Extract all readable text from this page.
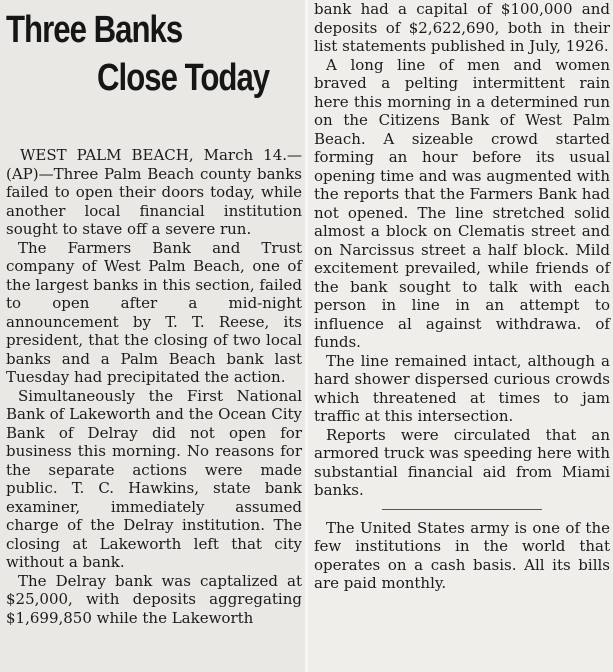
Three Banks
Close Today

WEST PALM BEACH, March 14.—(AP)—Three Palm Beach county banks failed to open their doors today, while another local financial institution sought to stave off a severe run.

The Farmers Bank and Trust company of West Palm Beach, one of the largest banks in this section, failed to open after a mid-night announcement by T. T. Reese, its president, that the closing of two local banks and a Palm Beach bank last Tuesday had precipitated the action.

Simultaneously the First National Bank of Lakeworth and the Ocean City Bank of Delray did not open for business this morning. No reasons for the separate actions were made public. T. C. Hawkins, state bank examiner, immediately assumed charge of the Delray institution. The closing at Lakeworth left that city without a bank.

The Delray bank was captalized at $25,000, with deposits aggregating $1,699,850 while the Lakeworth

bank had a capital of $100,000 and deposits of $2,622,690, both in their list statements published in July, 1926.

A long line of men and women braved a pelting intermittent rain here this morning in a determined run on the Citizens Bank of West Palm Beach. A sizeable crowd started forming an hour before its usual opening time and was augmented with the reports that the Farmers Bank had not opened. The line stretched solid almost a block on Clematis street and on Narcissus street a half block. Mild excitement prevailed, while friends of the bank sought to talk with each person in line in an attempt to influence al against withdrawa. of funds.

The line remained intact, although a hard shower dispersed curious crowds which threatened at times to jam traffic at this intersection.

Reports were circulated that an armored truck was speeding here with substantial financial aid from Miami banks.

The United States army is one of the few institutions in the world that operates on a cash basis. All its bills are paid monthly.
